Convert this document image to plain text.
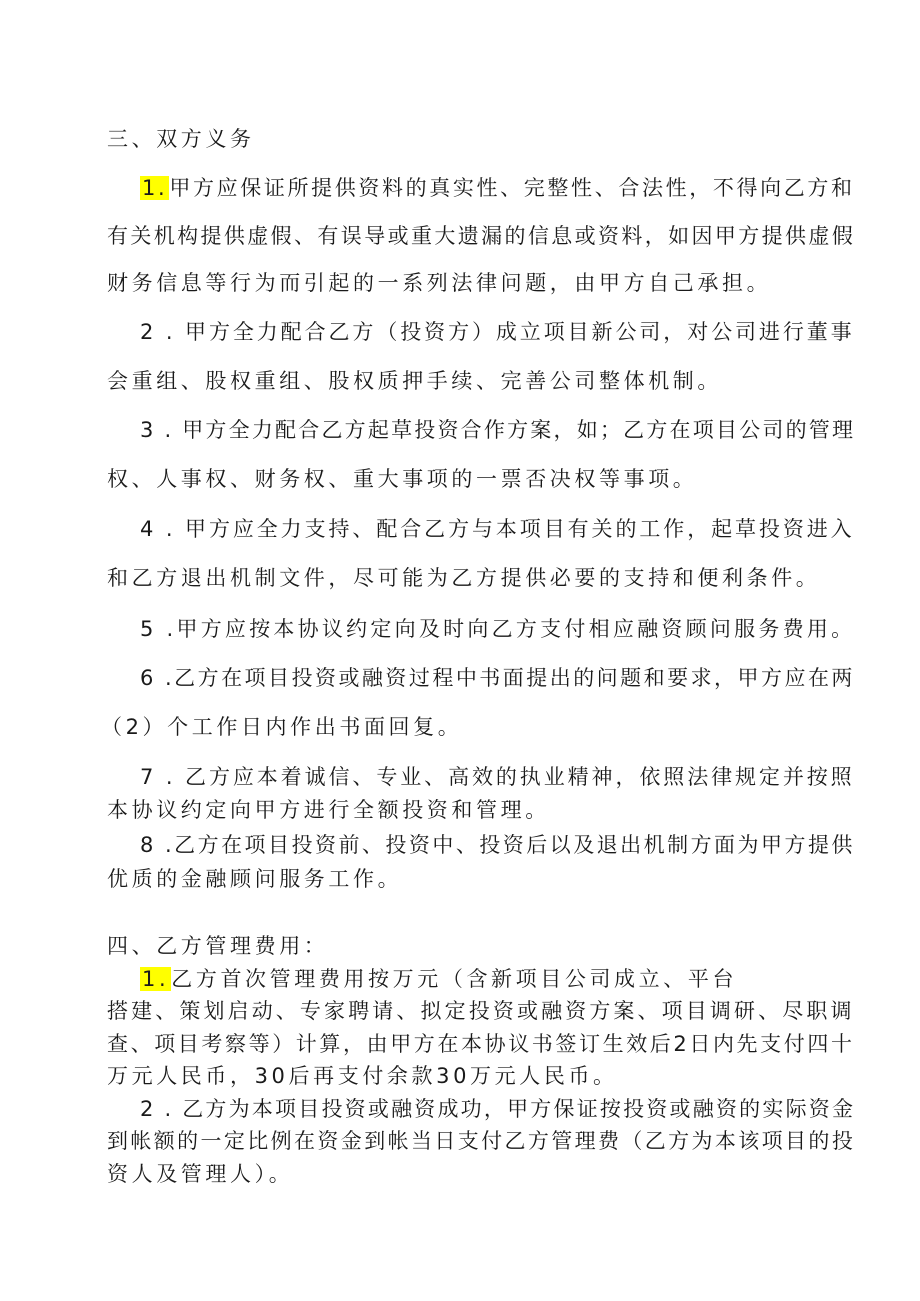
三、双方义务
1.甲方应保证所提供资料的真实性、完整性、合法性，不得向乙方和
有关机构提供虚假、有误导或重大遗漏的信息或资料，如因甲方提供虚假
财务信息等行为而引起的一系列法律问题，由甲方自己承担。
2 . 甲方全力配合乙方（投资方）成立项目新公司，对公司进行董事
会重组、股权重组、股权质押手续、完善公司整体机制。
3 . 甲方全力配合乙方起草投资合作方案，如；乙方在项目公司的管理
权、人事权、财务权、重大事项的一票否决权等事项。
4 . 甲方应全力支持、配合乙方与本项目有关的工作，起草投资进入
和乙方退出机制文件，尽可能为乙方提供必要的支持和便利条件。
5 .甲方应按本协议约定向及时向乙方支付相应融资顾问服务费用。
6 .乙方在项目投资或融资过程中书面提出的问题和要求，甲方应在两
（2）个工作日内作出书面回复。
7 . 乙方应本着诚信、专业、高效的执业精神，依照法律规定并按照
本协议约定向甲方进行全额投资和管理。
8 .乙方在项目投资前、投资中、投资后以及退出机制方面为甲方提供
优质的金融顾问服务工作。
四、乙方管理费用：
1.乙方首次管理费用按万元（含新项目公司成立、平台
搭建、策划启动、专家聘请、拟定投资或融资方案、项目调研、尽职调
查、项目考察等）计算，由甲方在本协议书签订生效后2日内先支付四十
万元人民币，30后再支付余款30万元人民币。
2 . 乙方为本项目投资或融资成功，甲方保证按投资或融资的实际资金
到帐额的一定比例在资金到帐当日支付乙方管理费（乙方为本该项目的投
资人及管理人）。
